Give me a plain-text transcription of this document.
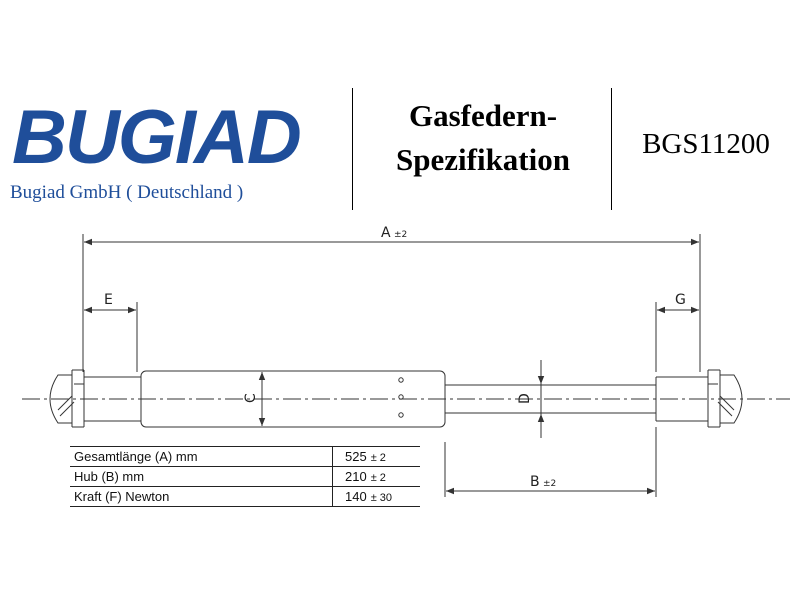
BUGIAD
Bugiad GmbH ( Deutschland )
Gasfedern-
Spezifikation	BGS11200
A ±2
E	G
C	D
B ±2
Gesamtlänge (A) mm	525 ± 2
Hub (B) mm	210 ± 2
Kraft (F) Newton	140 ± 30
